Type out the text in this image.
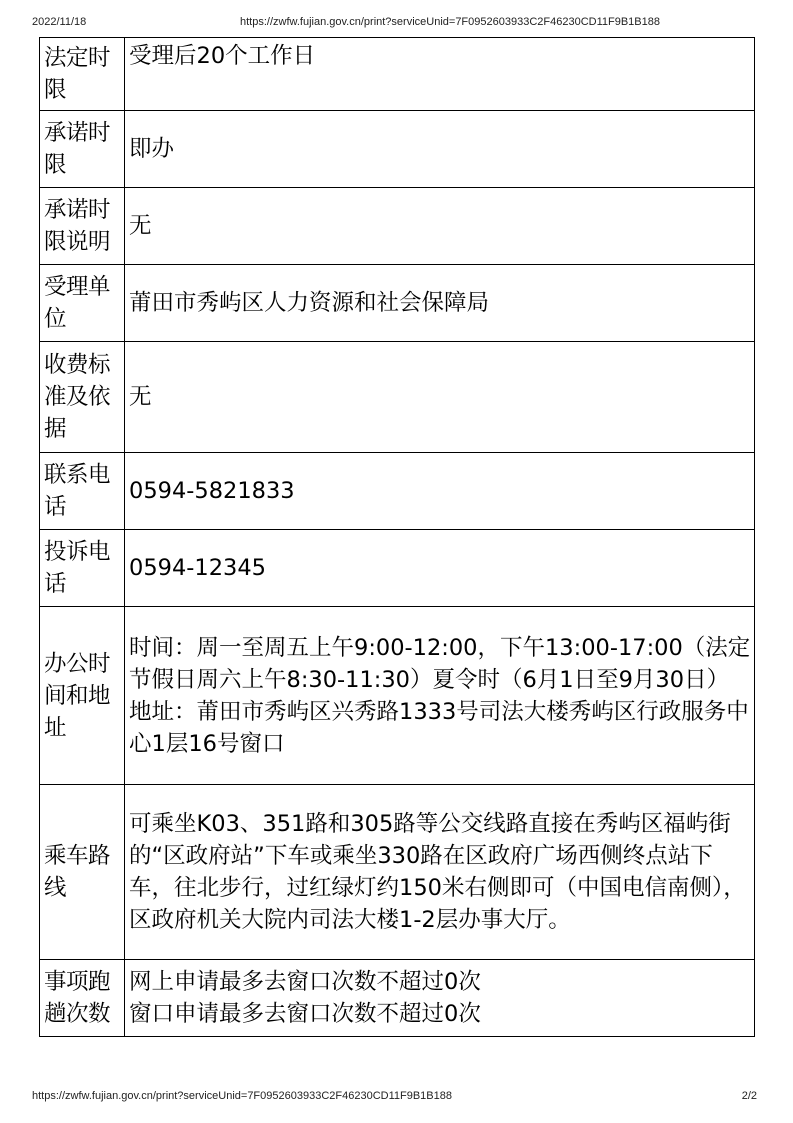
2022/11/18	https://zwfw.fujian.gov.cn/print?serviceUnid=7F0952603933C2F46230CD11F9B1B188
法定时限	受理后20个工作日
承诺时限	即办
承诺时限说明	无
受理单位	莆田市秀屿区人力资源和社会保障局
收费标准及依据	无
联系电话	0594-5821833
投诉电话	0594-12345
办公时间和地址	时间：周一至周五上午9:00-12:00，下午13:00-17:00（法定节假日周六上午8:30-11:30）夏令时（6月1日至9月30日）
地址：莆田市秀屿区兴秀路1333号司法大楼秀屿区行政服务中心1层16号窗口

乘车路线	可乘坐K03、351路和305路等公交线路直接在秀屿区福屿街的“区政府站”下车或乘坐330路在区政府广场西侧终点站下车，往北步行，过红绿灯约150米右侧即可（中国电信南侧），区政府机关大院内司法大楼1-2层办事大厅。
事项跑趟次数	网上申请最多去窗口次数不超过0次
窗口申请最多去窗口次数不超过0次
https://zwfw.fujian.gov.cn/print?serviceUnid=7F0952603933C2F46230CD11F9B1B188	2/2
